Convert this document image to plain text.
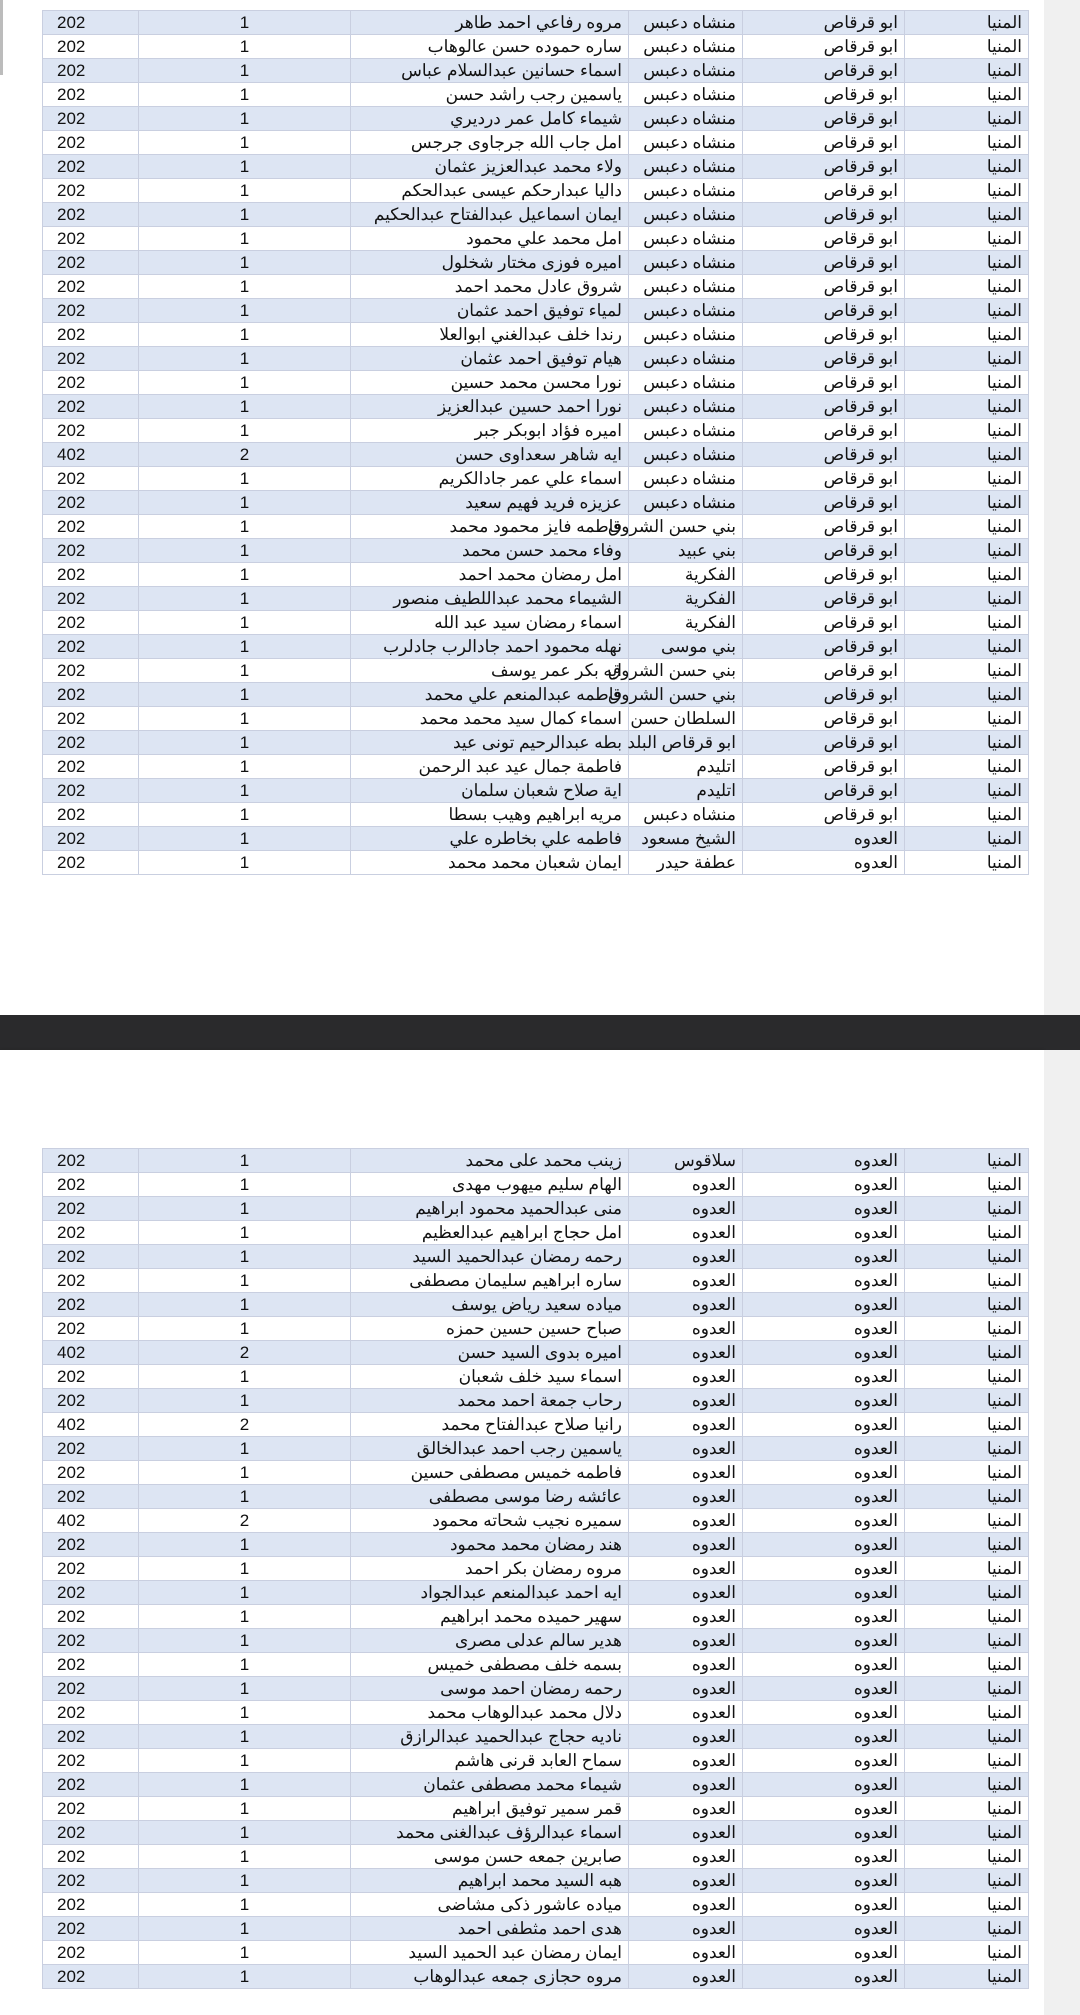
202	1	مروه رفاعي احمد طاهر	منشاه دعبس	ابو قرقاص	المنيا
202	1	ساره حموده حسن عالوهاب	منشاه دعبس	ابو قرقاص	المنيا
202	1	اسماء حسانين عبدالسلام عباس	منشاه دعبس	ابو قرقاص	المنيا
202	1	ياسمين رجب راشد حسن	منشاه دعبس	ابو قرقاص	المنيا
202	1	شيماء كامل عمر درديري	منشاه دعبس	ابو قرقاص	المنيا
202	1	امل جاب الله جرجاوى جرجس	منشاه دعبس	ابو قرقاص	المنيا
202	1	ولاء محمد عبدالعزيز عثمان	منشاه دعبس	ابو قرقاص	المنيا
202	1	داليا عبدارحكم عيسى عبدالحكم	منشاه دعبس	ابو قرقاص	المنيا
202	1	ايمان اسماعيل عبدالفتاح عبدالحكيم	منشاه دعبس	ابو قرقاص	المنيا
202	1	امل محمد علي محمود	منشاه دعبس	ابو قرقاص	المنيا
202	1	اميره فوزى مختار شخلول	منشاه دعبس	ابو قرقاص	المنيا
202	1	شروق عادل محمد احمد	منشاه دعبس	ابو قرقاص	المنيا
202	1	لمياء توفيق احمد عثمان	منشاه دعبس	ابو قرقاص	المنيا
202	1	رندا خلف عبدالغني ابوالعلا	منشاه دعبس	ابو قرقاص	المنيا
202	1	هيام توفيق احمد عثمان	منشاه دعبس	ابو قرقاص	المنيا
202	1	نورا محسن محمد حسين	منشاه دعبس	ابو قرقاص	المنيا
202	1	نورا احمد حسين عبدالعزيز	منشاه دعبس	ابو قرقاص	المنيا
202	1	اميره فؤاد ابوبكر جبر	منشاه دعبس	ابو قرقاص	المنيا
402	2	ايه شاهر سعداوى حسن	منشاه دعبس	ابو قرقاص	المنيا
202	1	اسماء علي عمر جادالكريم	منشاه دعبس	ابو قرقاص	المنيا
202	1	عزيزه فريد فهيم سعيد	منشاه دعبس	ابو قرقاص	المنيا
202	1	فاطمه فايز محمود محمد	بني حسن الشروق	ابو قرقاص	المنيا
202	1	وفاء محمد حسن محمد	بني عبيد	ابو قرقاص	المنيا
202	1	امل رمضان محمد احمد	الفكرية	ابو قرقاص	المنيا
202	1	الشيماء محمد عبداللطيف منصور	الفكرية	ابو قرقاص	المنيا
202	1	اسماء رمضان سيد عبد الله	الفكرية	ابو قرقاص	المنيا
202	1	نهله محمود احمد جادالرب جادلرب	بني موسى	ابو قرقاص	المنيا
202	1	ايه بكر عمر يوسف	بني حسن الشروق	ابو قرقاص	المنيا
202	1	فاطمه عبدالمنعم علي محمد	بني حسن الشروق	ابو قرقاص	المنيا
202	1	اسماء كمال سيد محمد محمد	السلطان حسن	ابو قرقاص	المنيا
202	1	بطه عبدالرحيم تونى عيد	ابو قرقاص البلد	ابو قرقاص	المنيا
202	1	فاطمة جمال عيد عبد الرحمن	اتليدم	ابو قرقاص	المنيا
202	1	اية صلاح شعبان سلمان	اتليدم	ابو قرقاص	المنيا
202	1	مريه ابراهيم وهيب بسطا	منشاه دعبس	ابو قرقاص	المنيا
202	1	فاطمه علي بخاطره علي	الشيخ مسعود	العدوه	المنيا
202	1	ايمان شعبان محمد محمد	عطفة حيدر	العدوه	المنيا
202	1	زينب محمد على محمد	سلاقوس	العدوه	المنيا
202	1	الهام سليم ميهوب مهدى	العدوه	العدوه	المنيا
202	1	منى عبدالحميد محمود ابراهيم	العدوه	العدوه	المنيا
202	1	امل حجاج ابراهيم عبدالعظيم	العدوه	العدوه	المنيا
202	1	رحمه رمضان عبدالحميد السيد	العدوه	العدوه	المنيا
202	1	ساره ابراهيم سليمان مصطفى	العدوه	العدوه	المنيا
202	1	مياده سعيد رياض يوسف	العدوه	العدوه	المنيا
202	1	صباح حسين حسين حمزه	العدوه	العدوه	المنيا
402	2	اميره بدوى السيد حسن	العدوه	العدوه	المنيا
202	1	اسماء سيد خلف شعبان	العدوه	العدوه	المنيا
202	1	رحاب جمعة احمد محمد	العدوه	العدوه	المنيا
402	2	رانيا صلاح عبدالفتاح محمد	العدوه	العدوه	المنيا
202	1	ياسمين رجب احمد عبدالخالق	العدوه	العدوه	المنيا
202	1	فاطمه خميس مصطفى حسين	العدوه	العدوه	المنيا
202	1	عائشه رضا موسى مصطفى	العدوه	العدوه	المنيا
402	2	سميره نجيب شحاته محمود	العدوه	العدوه	المنيا
202	1	هند رمضان محمد محمود	العدوه	العدوه	المنيا
202	1	مروه رمضان بكر احمد	العدوه	العدوه	المنيا
202	1	ايه احمد عبدالمنعم عبدالجواد	العدوه	العدوه	المنيا
202	1	سهير حميده محمد ابراهيم	العدوه	العدوه	المنيا
202	1	هدير سالم عدلى مصرى	العدوه	العدوه	المنيا
202	1	بسمه خلف مصطفى خميس	العدوه	العدوه	المنيا
202	1	رحمه رمضان احمد موسى	العدوه	العدوه	المنيا
202	1	دلال محمد عبدالوهاب محمد	العدوه	العدوه	المنيا
202	1	ناديه حجاج عبدالحميد عبدالرازق	العدوه	العدوه	المنيا
202	1	سماح العابد قرنى هاشم	العدوه	العدوه	المنيا
202	1	شيماء محمد مصطفى عثمان	العدوه	العدوه	المنيا
202	1	قمر سمير توفيق ابراهيم	العدوه	العدوه	المنيا
202	1	اسماء عبدالرؤف عبدالغنى محمد	العدوه	العدوه	المنيا
202	1	صابرين جمعه حسن موسى	العدوه	العدوه	المنيا
202	1	هبه السيد محمد ابراهيم	العدوه	العدوه	المنيا
202	1	مياده عاشور ذكى مشاضى	العدوه	العدوه	المنيا
202	1	هدى احمد مثطفى احمد	العدوه	العدوه	المنيا
202	1	ايمان رمضان عبد الحميد السيد	العدوه	العدوه	المنيا
202	1	مروه حجازى جمعه عبدالوهاب	العدوه	العدوه	المنيا
